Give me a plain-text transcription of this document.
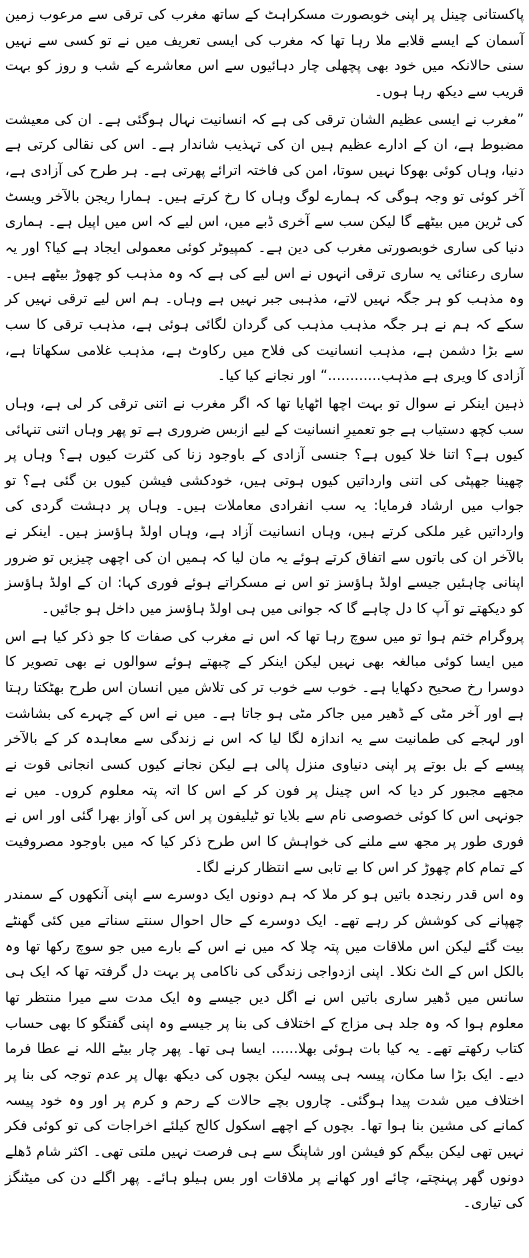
پاکستانی چینل پر اپنی خوبصورت مسکراہٹ کے ساتھ مغرب کی ترقی سے مرعوب زمین آسمان کے ایسے قلابے ملا رہا تھا کہ مغرب کی ایسی تعریف میں نے تو کسی سے نہیں سنی حالانکہ میں خود بھی پچھلی چار دہائیوں سے اس معاشرے کے شب و روز کو بہت قریب سے دیکھ رہا ہوں۔

”مغرب نے ایسی عظیم الشان ترقی کی ہے کہ انسانیت نہال ہوگئی ہے۔ ان کی معیشت مضبوط ہے، ان کے ادارے عظیم ہیں ان کی تہذیب شاندار ہے۔ اس کی نقالی کرتی ہے دنیا، وہاں کوئی بھوکا نہیں سوتا، امن کی فاختہ اترائے پھرتی ہے۔ ہر طرح کی آزادی ہے، آخر کوئی تو وجہ ہوگی کہ ہمارے لوگ وہاں کا رخ کرتے ہیں۔ ہمارا ریجن بالآخر ویسٹ کی ٹرین میں بیٹھے گا لیکن سب سے آخری ڈبے میں، اس لیے کہ اس میں اپیل ہے۔ ہماری دنیا کی ساری خوبصورتی مغرب کی دین ہے۔ کمپیوٹر کوئی معمولی ایجاد ہے کیا؟ اور یہ ساری رعنائی یہ ساری ترقی انہوں نے اس لیے کی ہے کہ وہ مذہب کو چھوڑ بیٹھے ہیں۔ وہ مذہب کو ہر جگہ نہیں لاتے، مذہبی جبر نہیں ہے وہاں۔ ہم اس لیے ترقی نہیں کر سکے کہ ہم نے ہر جگہ مذہب مذہب کی گردان لگائی ہوئی ہے، مذہب ترقی کا سب سے بڑا دشمن ہے، مذہب انسانیت کی فلاح میں رکاوٹ ہے، مذہب غلامی سکھاتا ہے، آزادی کا ویری ہے مذہب............“ اور نجانے کیا کیا۔

ذہین اینکر نے سوال تو بہت اچھا اٹھایا تھا کہ اگر مغرب نے اتنی ترقی کر لی ہے، وہاں سب کچھ دستیاب ہے جو تعمیرِ انسانیت کے لیے ازبس ضروری ہے تو پھر وہاں اتنی تنہائی کیوں ہے؟ اتنا خلا کیوں ہے؟ جنسی آزادی کے باوجود زنا کی کثرت کیوں ہے؟ وہاں پر چھینا جھپٹی کی اتنی وارداتیں کیوں ہوتی ہیں، خودکشی فیشن کیوں بن گئی ہے؟ تو جواب میں ارشاد فرمایا: یہ سب انفرادی معاملات ہیں۔ وہاں پر دہشت گردی کی وارداتیں غیر ملکی کرتے ہیں، وہاں انسانیت آزاد ہے، وہاں اولڈ ہاؤسز ہیں۔ اینکر نے بالآخر ان کی باتوں سے اتفاق کرتے ہوئے یہ مان لیا کہ ہمیں ان کی اچھی چیزیں تو ضرور اپنانی چاہئیں جیسے اولڈ ہاؤسز تو اس نے مسکراتے ہوئے فوری کہا: ان کے اولڈ ہاؤسز کو دیکھتے تو آپ کا دل چاہے گا کہ جوانی میں ہی اولڈ ہاؤسز میں داخل ہو جائیں۔

پروگرام ختم ہوا تو میں سوچ رہا تھا کہ اس نے مغرب کی صفات کا جو ذکر کیا ہے اس میں ایسا کوئی مبالغہ بھی نہیں لیکن اینکر کے چبھتے ہوئے سوالوں نے بھی تصویر کا دوسرا رخ صحیح دکھایا ہے۔ خوب سے خوب تر کی تلاش میں انسان اس طرح بھٹکتا رہتا ہے اور آخر مٹی کے ڈھیر میں جاکر مٹی ہو جاتا ہے۔ میں نے اس کے چہرے کی بشاشت اور لہجے کی طمانیت سے یہ اندازہ لگا لیا کہ اس نے زندگی سے معاہدہ کر کے بالآخر پیسے کے بل بوتے پر اپنی دنیاوی منزل پالی ہے لیکن نجانے کیوں کسی انجانی قوت نے مجھے مجبور کر دیا کہ اس چینل پر فون کر کے اس کا اتہ پتہ معلوم کروں۔ میں نے جونہی اس کا کوئی خصوصی نام سے بلایا تو ٹیلیفون پر اس کی آواز بھرا گئی اور اس نے فوری طور پر مجھ سے ملنے کی خواہش کا اس طرح ذکر کیا کہ میں باوجود مصروفیت کے تمام کام چھوڑ کر اس کا بے تابی سے انتظار کرنے لگا۔

وہ اس قدر رنجدہ باتیں ہو کر ملا کہ ہم دونوں ایک دوسرے سے اپنی آنکھوں کے سمندر چھپانے کی کوشش کر رہے تھے۔ ایک دوسرے کے حال احوال سنتے سناتے میں کئی گھنٹے بیت گئے لیکن اس ملاقات میں پتہ چلا کہ میں نے اس کے بارے میں جو سوچ رکھا تھا وہ بالکل اس کے الٹ نکلا۔ اپنی ازدواجی زندگی کی ناکامی پر بہت دل گرفتہ تھا کہ ایک ہی سانس میں ڈھیر ساری باتیں اس نے اگل دیں جیسے وہ ایک مدت سے میرا منتظر تھا معلوم ہوا کہ وہ جلد ہی مزاج کے اختلاف کی بنا پر جیسے وہ اپنی گفتگو کا بھی حساب کتاب رکھتے تھے۔ یہ کیا بات ہوئی بھلا...... ایسا ہی تھا۔ پھر چار بیٹے اللہ نے عطا فرما دیے۔ ایک بڑا سا مکان، پیسہ ہی پیسہ لیکن بچوں کی دیکھ بھال پر عدم توجہ کی بنا پر اختلاف میں شدت پیدا ہوگئی۔ چاروں بچے حالات کے رحم و کرم پر اور وہ خود پیسہ کمانے کی مشین بنا ہوا تھا۔ بچوں کے اچھے اسکول کالج کیلئے اخراجات کی تو کوئی فکر نہیں تھی لیکن بیگم کو فیشن اور شاپنگ سے ہی فرصت نہیں ملتی تھی۔ اکثر شام ڈھلے دونوں گھر پہنچتے، چائے اور کھانے پر ملاقات اور بس ہیلو ہائے۔ پھر اگلے دن کی میٹنگز کی تیاری۔
